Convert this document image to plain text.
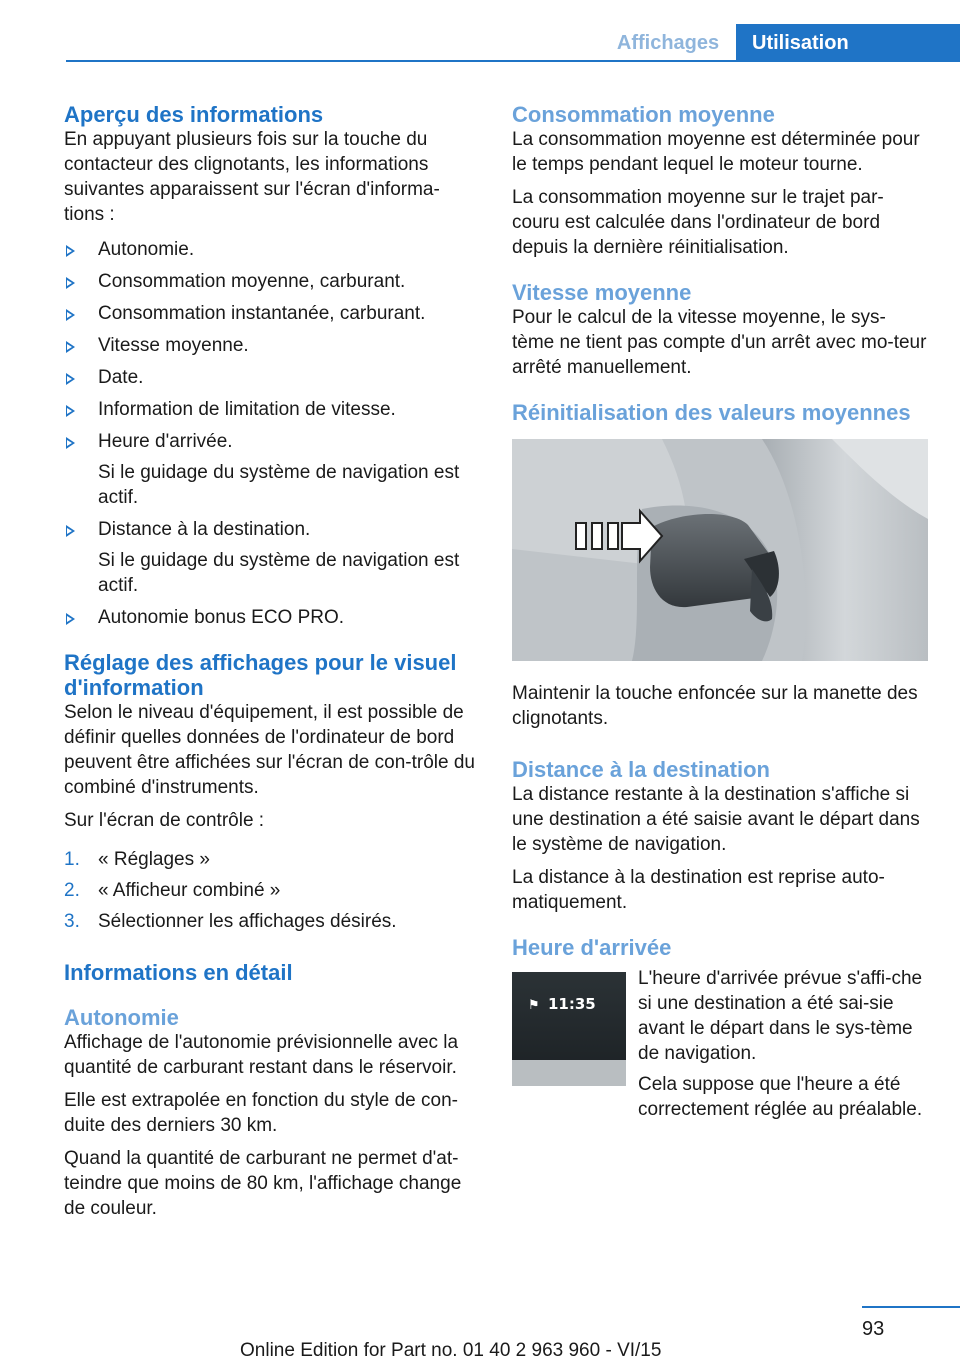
Affichages	Utilisation
Aperçu des informations

En appuyant plusieurs fois sur la touche du contacteur des clignotants, les informations suivantes apparaissent sur l'écran d'informa‐tions :

Autonomie.
Consommation moyenne, carburant.
Consommation instantanée, carburant.
Vitesse moyenne.
Date.
Information de limitation de vitesse.
Heure d'arrivée.
Si le guidage du système de navigation est actif.
Distance à la destination.
Si le guidage du système de navigation est actif.
Autonomie bonus ECO PRO.
Réglage des affichages pour le visuel d'information

Selon le niveau d'équipement, il est possible de définir quelles données de l'ordinateur de bord peuvent être affichées sur l'écran de con‐trôle du combiné d'instruments.

Sur l'écran de contrôle :

1. « Réglages »
2. « Afficheur combiné »
3. Sélectionner les affichages désirés.
Informations en détail
Autonomie

Affichage de l'autonomie prévisionnelle avec la quantité de carburant restant dans le réservoir.

Elle est extrapolée en fonction du style de con‐duite des derniers 30 km.

Quand la quantité de carburant ne permet d'at‐teindre que moins de 80 km, l'affichage change de couleur.

Consommation moyenne

La consommation moyenne est déterminée pour le temps pendant lequel le moteur tourne.

La consommation moyenne sur le trajet par‐couru est calculée dans l'ordinateur de bord depuis la dernière réinitialisation.

Vitesse moyenne

Pour le calcul de la vitesse moyenne, le sys‐tème ne tient pas compte d'un arrêt avec mo‐teur arrêté manuellement.

Réinitialisation des valeurs moyennes

Maintenir la touche enfoncée sur la manette des clignotants.

Distance à la destination

La distance restante à la destination s'affiche si une destination a été saisie avant le départ dans le système de navigation.

La distance à la destination est reprise auto‐matiquement.

Heure d'arrivée
⚑ 11:35

L'heure d'arrivée prévue s'affi‐che si une destination a été sai‐sie avant le départ dans le sys‐tème de navigation.

Cela suppose que l'heure a été correctement réglée au préalable.

93
Online Edition for Part no. 01 40 2 963 960 - VI/15
